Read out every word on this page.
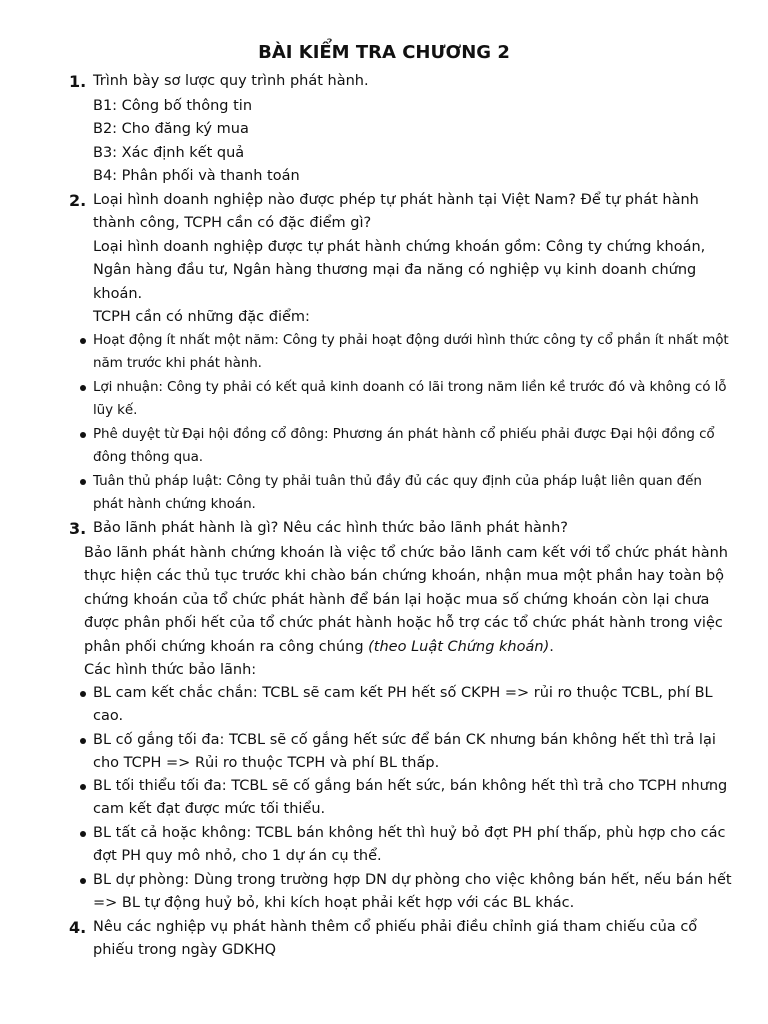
BÀI KIỂM TRA CHƯƠNG 2
1. Trình bày sơ lược quy trình phát hành.
B1: Công bố thông tin
B2: Cho đăng ký mua
B3: Xác định kết quả
B4: Phân phối và thanh toán
2. Loại hình doanh nghiệp nào được phép tự phát hành tại Việt Nam? Để tự phát hành thành công, TCPH cần có đặc điểm gì?
Loại hình doanh nghiệp được tự phát hành chứng khoán gồm: Công ty chứng khoán, Ngân hàng đầu tư, Ngân hàng thương mại đa năng có nghiệp vụ kinh doanh chứng khoán.
TCPH cần có những đặc điểm:
Hoạt động ít nhất một năm: Công ty phải hoạt động dưới hình thức công ty cổ phần ít nhất một năm trước khi phát hành.
Lợi nhuận: Công ty phải có kết quả kinh doanh có lãi trong năm liền kề trước đó và không có lỗ lũy kế.
Phê duyệt từ Đại hội đồng cổ đông: Phương án phát hành cổ phiếu phải được Đại hội đồng cổ đông thông qua.
Tuân thủ pháp luật: Công ty phải tuân thủ đầy đủ các quy định của pháp luật liên quan đến phát hành chứng khoán.
3. Bảo lãnh phát hành là gì? Nêu các hình thức bảo lãnh phát hành?
Bảo lãnh phát hành chứng khoán là việc tổ chức bảo lãnh cam kết với tổ chức phát hành thực hiện các thủ tục trước khi chào bán chứng khoán, nhận mua một phần hay toàn bộ chứng khoán của tổ chức phát hành để bán lại hoặc mua số chứng khoán còn lại chưa được phân phối hết của tổ chức phát hành hoặc hỗ trợ các tổ chức phát hành trong việc phân phối chứng khoán ra công chúng (theo Luật Chứng khoán).
Các hình thức bảo lãnh:
BL cam kết chắc chắn: TCBL sẽ cam kết PH hết số CKPH => rủi ro thuộc TCBL, phí BL cao.
BL cố gắng tối đa: TCBL sẽ cố gắng hết sức để bán CK nhưng bán không hết thì trả lại cho TCPH => Rủi ro thuộc TCPH và phí BL thấp.
BL tối thiểu tối đa: TCBL sẽ cố gắng bán hết sức, bán không hết thì trả cho TCPH nhưng cam kết đạt được mức tối thiểu.
BL tất cả hoặc không: TCBL bán không hết thì huỷ bỏ đợt PH phí thấp, phù hợp cho các đợt PH quy mô nhỏ, cho 1 dự án cụ thể.
BL dự phòng: Dùng trong trường hợp DN dự phòng cho việc không bán hết, nếu bán hết => BL tự động huỷ bỏ, khi kích hoạt phải kết hợp với các BL khác.
4. Nêu các nghiệp vụ phát hành thêm cổ phiếu phải điều chỉnh giá tham chiếu của cổ phiếu trong ngày GDKHQ
